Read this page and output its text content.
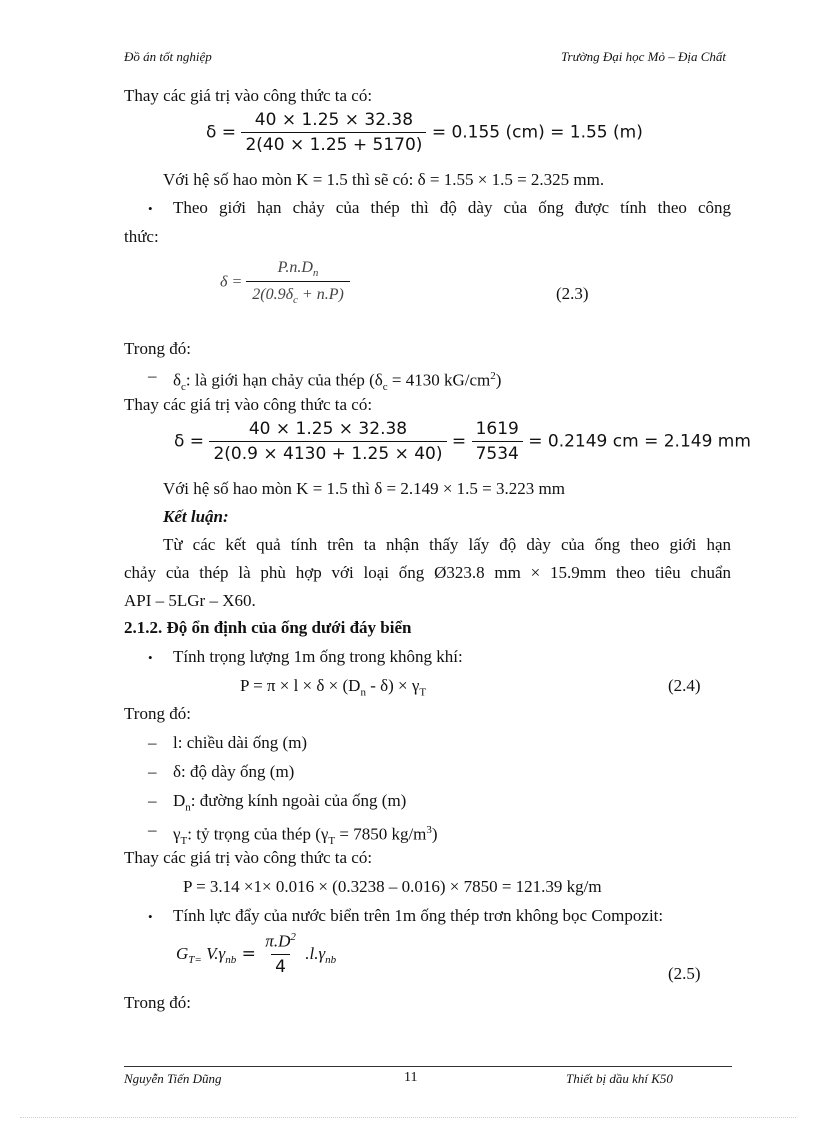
Đồ án tốt nghiệp	Trường Đại học Mỏ – Địa Chất
Thay các giá trị vào công thức ta có:
$\delta = \frac{40 \times 1.25 \times 32.38}{2(40 \times 1.25 + 5170)} = 0.155$ (cm) = 1.55 (m)
Với hệ số hao mòn K = 1.5 thì sẽ có: δ = 1.55 × 1.5 = 2.325 mm.
• Theo giới hạn chảy của thép thì độ dày của ống được tính theo công
thức:
$\delta = \frac{P.n.D_n}{2(0.9\delta_c + n.P)}$	(2.3)
Trong đó:
– $\delta_c$: là giới hạn chảy của thép ($\delta_c = 4130$ $kG/cm^2$)
Thay các giá trị vào công thức ta có:
$\delta = \frac{40 \times 1.25 \times 32.38}{2(0.9 \times 4130 + 1.25 \times 40)} = \frac{1619}{7534} = 0.2149$ cm = 2.149 mm
Với hệ số hao mòn K = 1.5 thì δ = 2.149 × 1.5 = 3.223 mm
Kết luận:
Từ các kết quả tính trên ta nhận thấy lấy độ dày của ống theo giới hạn
chảy của thép là phù hợp với loại ống Ø323.8 mm × 15.9mm theo tiêu chuẩn
API – 5LGr – X60.
2.1.2. Độ ổn định của ống dưới đáy biển
• Tính trọng lượng 1m ống trong không khí:
$P = \pi \times l \times \delta \times (D_n - \delta) \times \gamma_T$	(2.4)
Trong đó:
– l: chiều dài ống (m)
– δ: độ dày ống (m)
– $D_n$: đường kính ngoài của ống (m)
– $\gamma_T$: tỷ trọng của thép ($\gamma_T = 7850$ $kg/m^3$)
Thay các giá trị vào công thức ta có:
P = 3.14 ×1× 0.016 × (0.3238 – 0.016) × 7850 = 121.39 kg/m
• Tính lực đẩy của nước biển trên 1m ống thép trơn không bọc Compozit:
$G_{T=}$ $V.\gamma_{nb} = \frac{\pi.D^2}{4} .l.\gamma_{nb}$
(2.5)
Trong đó:
Nguyễn Tiến Dũng	11	Thiết bị dầu khí K50
